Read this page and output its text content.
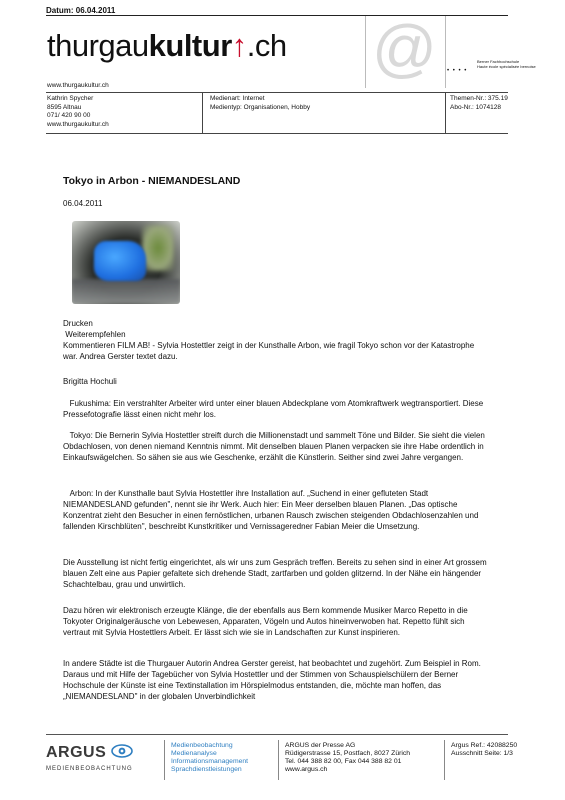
Datum: 06.04.2011
thurgaukultur↑.ch
www.thurgaukultur.ch
@ • • • •
Berner Fachhochschule
Haute école spécialisée bernoise
Kathrin Spycher
8595 Altnau
071/ 420 90 00
www.thurgaukultur.ch
Medienart: Internet
Medientyp: Organisationen, Hobby
Themen-Nr.: 375.19
Abo-Nr.: 1074128
Tokyo in Arbon - NIEMANDESLAND
06.04.2011

Drucken

Weiterempfehlen

Kommentieren FILM AB! - Sylvia Hostettler zeigt in der Kunsthalle Arbon, wie fragil Tokyo schon vor der Katastrophe war. Andrea Gerster textet dazu.

Brigitta Hochuli
Fukushima: Ein verstrahlter Arbeiter wird unter einer blauen Abdeckplane vom Atomkraftwerk wegtransportiert. Diese Pressefotografie lässt einen nicht mehr los.
Tokyo: Die Bernerin Sylvia Hostettler streift durch die Millionenstadt und sammelt Töne und Bilder. Sie sieht die vielen Obdachlosen, von denen niemand Kenntnis nimmt. Mit denselben blauen Planen verpacken sie ihre Habe ordentlich in Einkaufswägelchen. So sähen sie aus wie Geschenke, erzählt die Künstlerin. Seither sind zwei Jahre vergangen.
Arbon: In der Kunsthalle baut Sylvia Hostettler ihre Installation auf. „Suchend in einer gefluteten Stadt NIEMANDESLAND gefunden", nennt sie ihr Werk. Auch hier: Ein Meer derselben blauen Planen. „Das optische Konzentrat zieht den Besucher in einen fernöstlichen, urbanen Rausch zwischen steigenden Obdachlosenzahlen und fallenden Kirschblüten", beschreibt Kunstkritiker und Vernissageredner Fabian Meier die Umsetzung.
Die Ausstellung ist nicht fertig eingerichtet, als wir uns zum Gespräch treffen. Bereits zu sehen sind in einer Art grossem blauen Zelt eine aus Papier gefaltete sich drehende Stadt, zartfarben und golden glitzernd. In der Nähe ein hängender Schachtelbau, grau und unwirtlich.
Dazu hören wir elektronisch erzeugte Klänge, die der ebenfalls aus Bern kommende Musiker Marco Repetto in die Tokyoter Originalgeräusche von Lebewesen, Apparaten, Vögeln und Autos hineinverwoben hat. Repetto fühlt sich vertraut mit Sylvia Hostettlers Arbeit. Er lässt sich wie sie in Landschaften zur Kunst inspirieren.
In andere Städte ist die Thurgauer Autorin Andrea Gerster gereist, hat beobachtet und zugehört. Zum Beispiel in Rom. Daraus und mit Hilfe der Tagebücher von Sylvia Hostettler und der Stimmen von Schauspielschülern der Berner Hochschule der Künste ist eine Textinstallation im Hörspielmodus entstanden, die, möchte man hoffen, das „NIEMANDESLAND" in der globalen Unverbindlichkeit
ARGUS
MEDIENBEOBACHTUNG
Medienbeobachtung
Medienanalyse
Informationsmanagement
Sprachdienstleistungen
ARGUS der Presse AG
Rüdigerstrasse 15, Postfach, 8027 Zürich
Tel. 044 388 82 00, Fax 044 388 82 01
www.argus.ch
Argus Ref.: 42088250
Ausschnitt Seite: 1/3
